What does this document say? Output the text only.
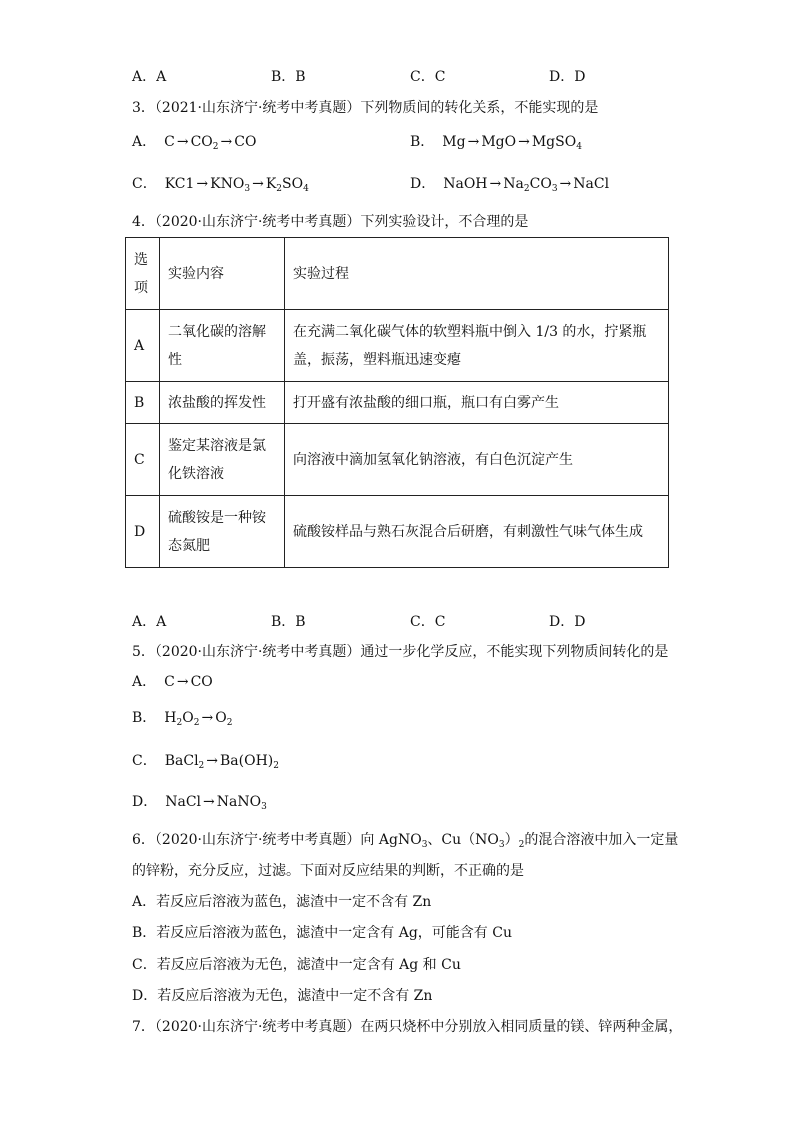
A．A	B．B	C．C	D．D
3．（2021·山东济宁·统考中考真题）下列物质间的转化关系，不能实现的是
A． $C \to CO_2$ → CO	B． Mg → MgO → MgSO$_4$
C． $KC1 \to KNO_3 \to K_2SO_4$	D． NaOH → $Na_2CO_3$ → NaCl
4．（2020·山东济宁·统考中考真题）下列实验设计，不合理的是
选项	实验内容	实验过程
A	二氧化碳的溶解性	在充满二氧化碳气体的软塑料瓶中倒入 1/3 的水，拧紧瓶盖，振荡，塑料瓶迅速变瘪
B	浓盐酸的挥发性	打开盛有浓盐酸的细口瓶，瓶口有白雾产生
C	鉴定某溶液是氯化铁溶液	向溶液中滴加氢氧化钠溶液，有白色沉淀产生
D	硫酸铵是一种铵态氮肥	硫酸铵样品与熟石灰混合后研磨，有刺激性气味气体生成
A．A	B．B	C．C	D．D
5．（2020·山东济宁·统考中考真题）通过一步化学反应，不能实现下列物质间转化的是
A． C → CO
B． $H_2O_2 \to O_2$
C． BaCl$_2$ → $Ba(OH)_2$
D． NaCl → NaNO$_3$
6．（2020·山东济宁·统考中考真题）向 AgNO$_3$、$Cu(NO_3)_2$的混合溶液中加入一定量
的锌粉，充分反应，过滤。下面对反应结果的判断，不正确的是
A．若反应后溶液为蓝色，滤渣中一定不含有 Zn
B．若反应后溶液为蓝色，滤渣中一定含有 Ag，可能含有 Cu
C．若反应后溶液为无色，滤渣中一定含有 Ag 和 Cu
D．若反应后溶液为无色，滤渣中一定不含有 Zn
7．（2020·山东济宁·统考中考真题）在两只烧杯中分别放入相同质量的镁、锌两种金属，
